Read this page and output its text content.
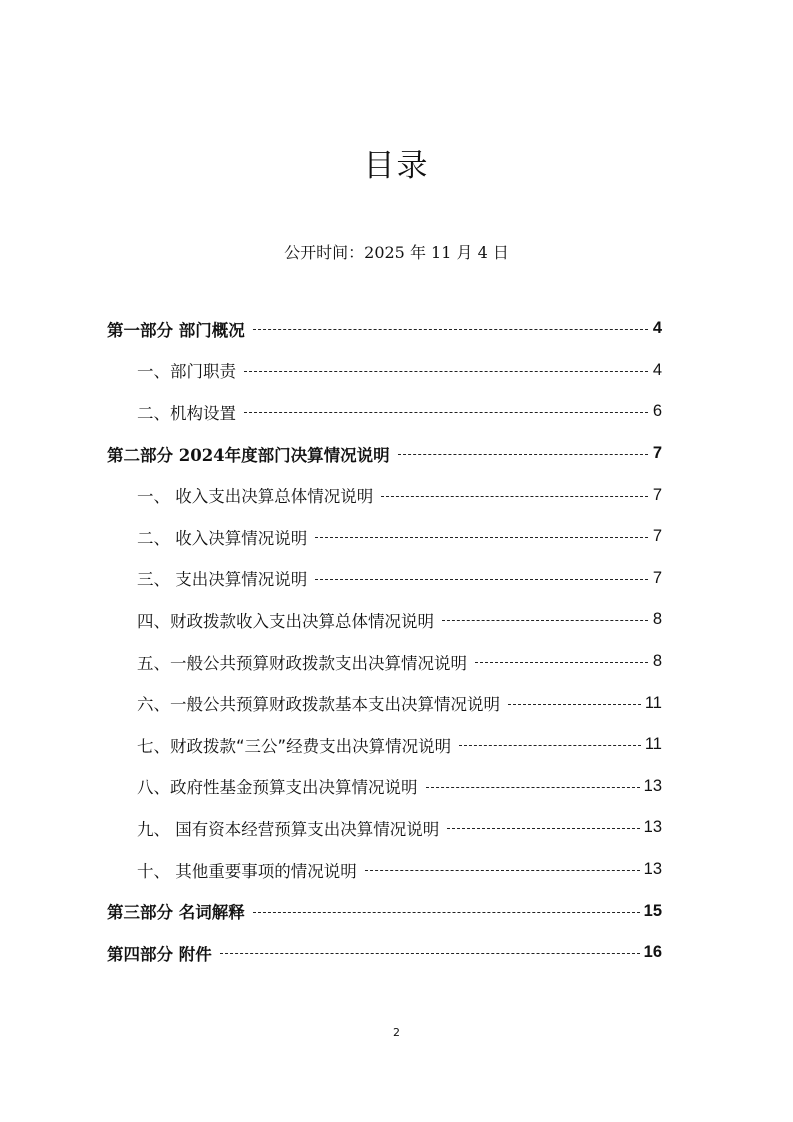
目录
公开时间：2025 年 11 月 4 日
第一部分 部门概况	4
一、部门职责	4
二、机构设置	6
第二部分 2024年度部门决算情况说明	7
一、 收入支出决算总体情况说明	7
二、 收入决算情况说明	7
三、 支出决算情况说明	7
四、财政拨款收入支出决算总体情况说明	8
五、一般公共预算财政拨款支出决算情况说明	8
六、一般公共预算财政拨款基本支出决算情况说明	11
七、财政拨款“三公”经费支出决算情况说明	11
八、政府性基金预算支出决算情况说明	13
九、 国有资本经营预算支出决算情况说明	13
十、 其他重要事项的情况说明	13
第三部分 名词解释	15
第四部分 附件	16
2
